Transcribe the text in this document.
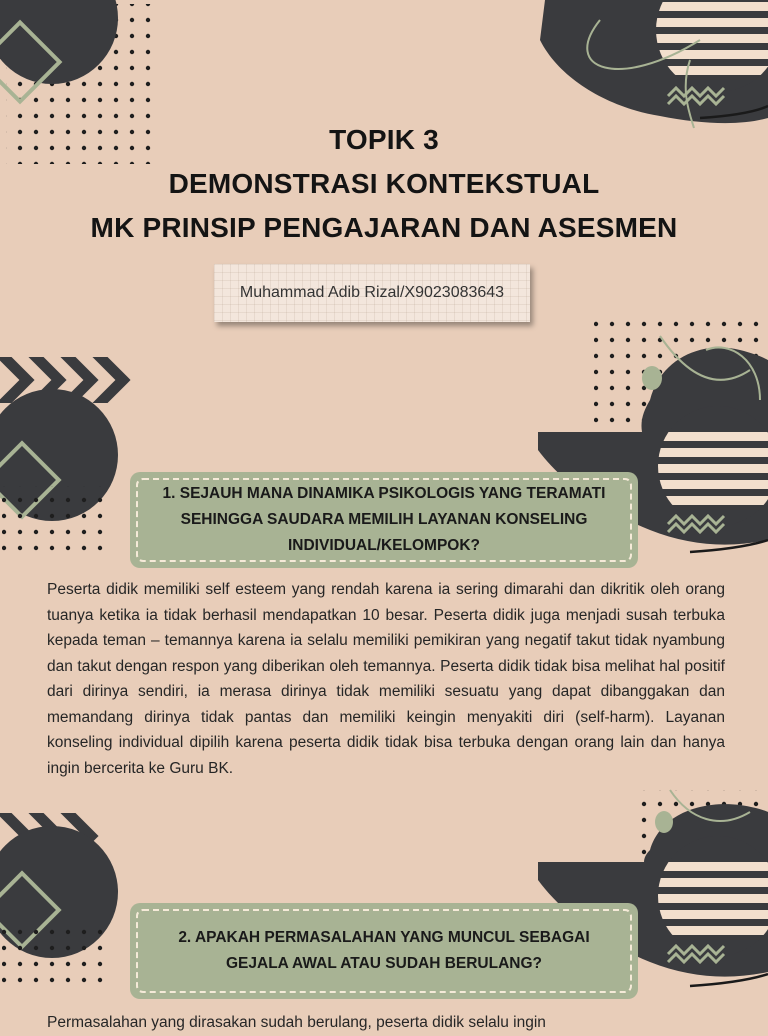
TOPIK 3
DEMONSTRASI KONTEKSTUAL
MK PRINSIP PENGAJARAN DAN ASESMEN
Muhammad Adib Rizal/X9023083643
1. SEJAUH MANA DINAMIKA PSIKOLOGIS YANG TERAMATI SEHINGGA SAUDARA MEMILIH LAYANAN KONSELING INDIVIDUAL/KELOMPOK?
Peserta didik memiliki self esteem yang rendah karena ia sering dimarahi dan dikritik oleh orang tuanya ketika ia tidak berhasil mendapatkan 10 besar. Peserta didik juga menjadi susah terbuka kepada teman – temannya karena ia selalu memiliki pemikiran yang negatif takut tidak nyambung dan takut dengan respon yang diberikan oleh temannya. Peserta didik tidak bisa melihat hal positif dari dirinya sendiri, ia merasa dirinya tidak memiliki sesuatu yang dapat dibanggakan dan memandang dirinya tidak pantas dan memiliki keingin menyakiti diri (self-harm). Layanan konseling individual dipilih karena peserta didik tidak bisa terbuka dengan orang lain dan hanya ingin bercerita ke Guru BK.
2. APAKAH PERMASALAHAN YANG MUNCUL SEBAGAI GEJALA AWAL ATAU SUDAH BERULANG?
Permasalahan yang dirasakan sudah berulang, peserta didik selalu ingin
